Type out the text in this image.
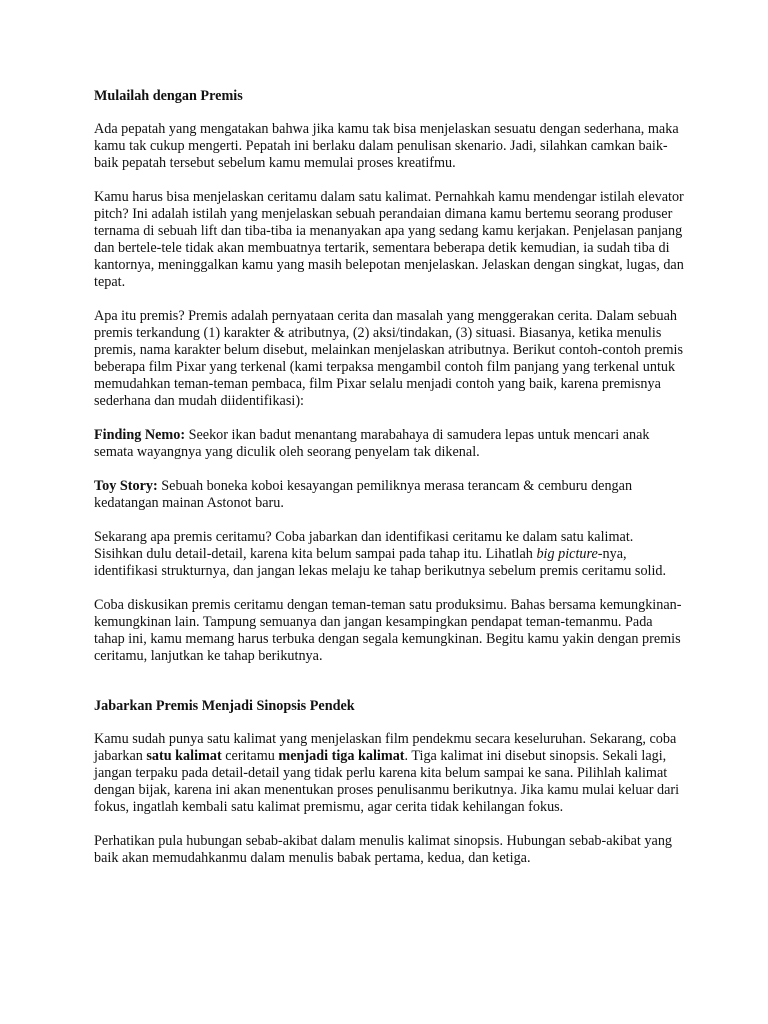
Mulailah dengan Premis

Ada pepatah yang mengatakan bahwa jika kamu tak bisa menjelaskan sesuatu dengan sederhana, maka kamu tak cukup mengerti. Pepatah ini berlaku dalam penulisan skenario. Jadi, silahkan camkan baik-baik pepatah tersebut sebelum kamu memulai proses kreatifmu.

Kamu harus bisa menjelaskan ceritamu dalam satu kalimat. Pernahkah kamu mendengar istilah elevator pitch? Ini adalah istilah yang menjelaskan sebuah perandaian dimana kamu bertemu seorang produser ternama di sebuah lift dan tiba-tiba ia menanyakan apa yang sedang kamu kerjakan. Penjelasan panjang dan bertele-tele tidak akan membuatnya tertarik, sementara beberapa detik kemudian, ia sudah tiba di kantornya, meninggalkan kamu yang masih belepotan menjelaskan. Jelaskan dengan singkat, lugas, dan tepat.

Apa itu premis? Premis adalah pernyataan cerita dan masalah yang menggerakan cerita. Dalam sebuah premis terkandung (1) karakter & atributnya, (2) aksi/tindakan, (3) situasi. Biasanya, ketika menulis premis, nama karakter belum disebut, melainkan menjelaskan atributnya. Berikut contoh-contoh premis beberapa film Pixar yang terkenal (kami terpaksa mengambil contoh film panjang yang terkenal untuk memudahkan teman-teman pembaca, film Pixar selalu menjadi contoh yang baik, karena premisnya sederhana dan mudah diidentifikasi):

Finding Nemo: Seekor ikan badut menantang marabahaya di samudera lepas untuk mencari anak semata wayangnya yang diculik oleh seorang penyelam tak dikenal.

Toy Story: Sebuah boneka koboi kesayangan pemiliknya merasa terancam & cemburu dengan kedatangan mainan Astonot baru.

Sekarang apa premis ceritamu? Coba jabarkan dan identifikasi ceritamu ke dalam satu kalimat. Sisihkan dulu detail-detail, karena kita belum sampai pada tahap itu. Lihatlah big picture-nya, identifikasi strukturnya, dan jangan lekas melaju ke tahap berikutnya sebelum premis ceritamu solid.

Coba diskusikan premis ceritamu dengan teman-teman satu produksimu. Bahas bersama kemungkinan-kemungkinan lain. Tampung semuanya dan jangan kesampingkan pendapat teman-temanmu. Pada tahap ini, kamu memang harus terbuka dengan segala kemungkinan. Begitu kamu yakin dengan premis ceritamu, lanjutkan ke tahap berikutnya.

Jabarkan Premis Menjadi Sinopsis Pendek

Kamu sudah punya satu kalimat yang menjelaskan film pendekmu secara keseluruhan. Sekarang, coba jabarkan satu kalimat ceritamu menjadi tiga kalimat. Tiga kalimat ini disebut sinopsis. Sekali lagi, jangan terpaku pada detail-detail yang tidak perlu karena kita belum sampai ke sana. Pilihlah kalimat dengan bijak, karena ini akan menentukan proses penulisanmu berikutnya. Jika kamu mulai keluar dari fokus, ingatlah kembali satu kalimat premismu, agar cerita tidak kehilangan fokus.

Perhatikan pula hubungan sebab-akibat dalam menulis kalimat sinopsis. Hubungan sebab-akibat yang baik akan memudahkanmu dalam menulis babak pertama, kedua, dan ketiga.
